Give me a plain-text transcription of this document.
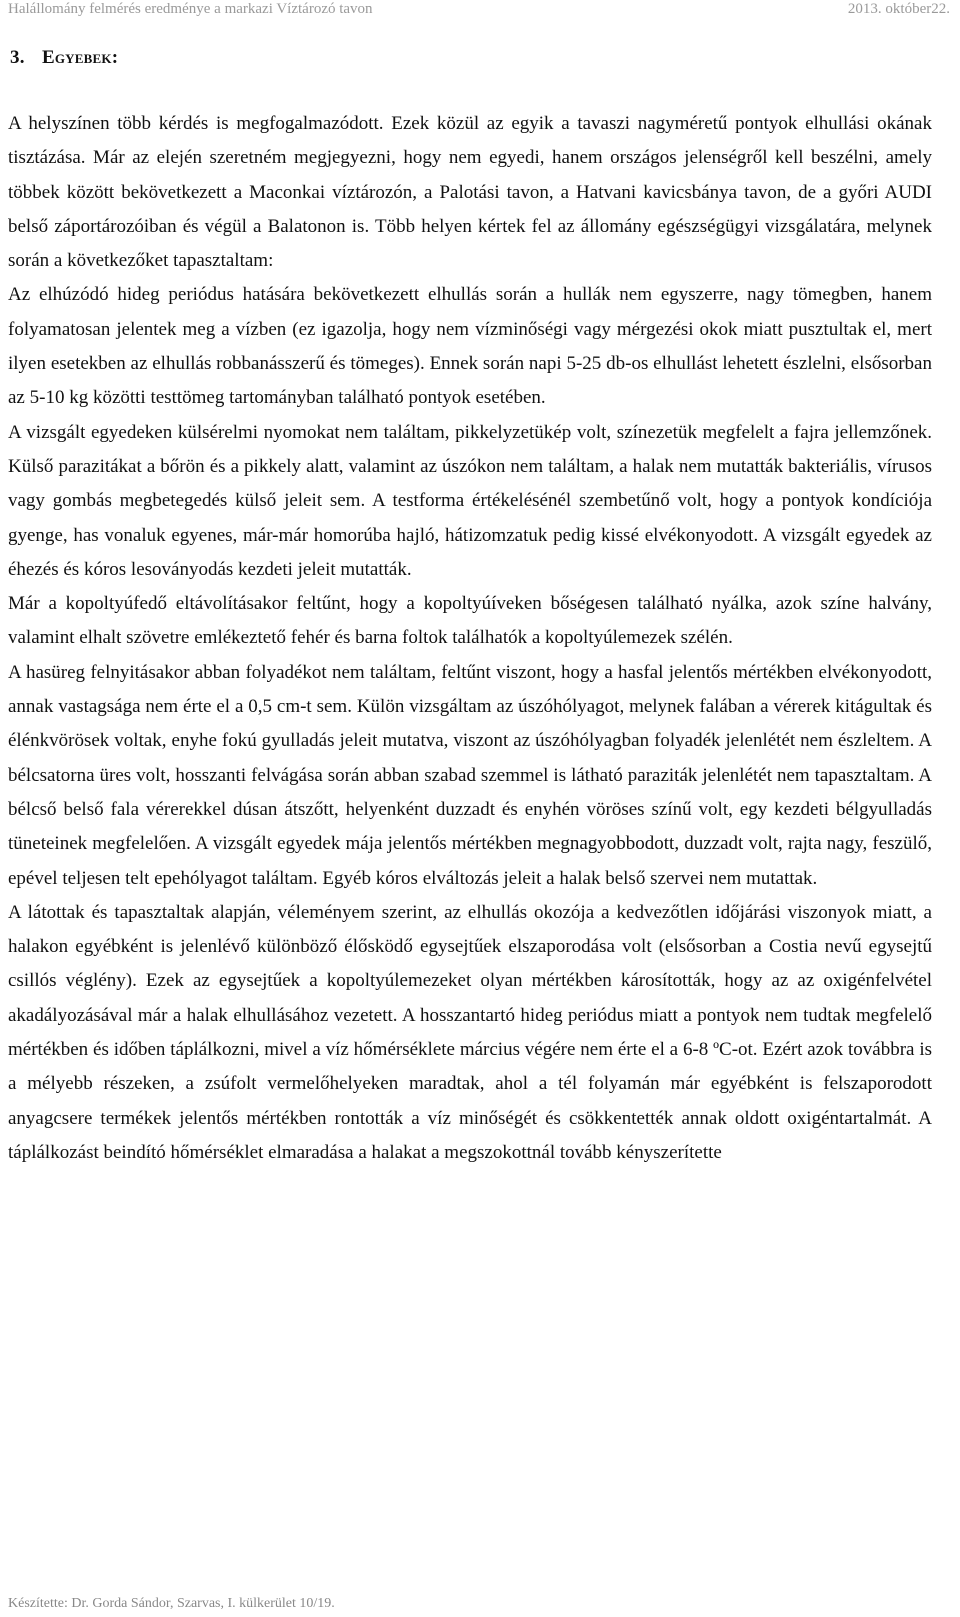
Halállomány felmérés eredménye a markazi Víztározó tavon	2013. október22.
3. Egyebek:

A helyszínen több kérdés is megfogalmazódott. Ezek közül az egyik a tavaszi nagyméretű pontyok elhullási okának tisztázása. Már az elején szeretném megjegyezni, hogy nem egyedi, hanem országos jelenségről kell beszélni, amely többek között bekövetkezett a Maconkai víztározón, a Palotási tavon, a Hatvani kavicsbánya tavon, de a győri AUDI belső záportározóiban és végül a Balatonon is. Több helyen kértek fel az állomány egészségügyi vizsgálatára, melynek során a következőket tapasztaltam:

Az elhúzódó hideg periódus hatására bekövetkezett elhullás során a hullák nem egyszerre, nagy tömegben, hanem folyamatosan jelentek meg a vízben (ez igazolja, hogy nem vízminőségi vagy mérgezési okok miatt pusztultak el, mert ilyen esetekben az elhullás robbanásszerű és tömeges). Ennek során napi 5-25 db-os elhullást lehetett észlelni, elsősorban az 5-10 kg közötti testtömeg tartományban található pontyok esetében.

A vizsgált egyedeken külsérelmi nyomokat nem találtam, pikkelyzetükép volt, színezetük megfelelt a fajra jellemzőnek. Külső parazitákat a bőrön és a pikkely alatt, valamint az úszókon nem találtam, a halak nem mutatták bakteriális, vírusos vagy gombás megbetegedés külső jeleit sem. A testforma értékelésénél szembetűnő volt, hogy a pontyok kondíciója gyenge, has vonaluk egyenes, már-már homorúba hajló, hátizomzatuk pedig kissé elvékonyodott. A vizsgált egyedek az éhezés és kóros lesoványodás kezdeti jeleit mutatták.

Már a kopoltyúfedő eltávolításakor feltűnt, hogy a kopoltyúíveken bőségesen található nyálka, azok színe halvány, valamint elhalt szövetre emlékeztető fehér és barna foltok találhatók a kopoltyúlemezek szélén.

A hasüreg felnyitásakor abban folyadékot nem találtam, feltűnt viszont, hogy a hasfal jelentős mértékben elvékonyodott, annak vastagsága nem érte el a 0,5 cm-t sem. Külön vizsgáltam az úszóhólyagot, melynek falában a vérerek kitágultak és élénkvörösek voltak, enyhe fokú gyulladás jeleit mutatva, viszont az úszóhólyagban folyadék jelenlétét nem észleltem. A bélcsatorna üres volt, hosszanti felvágása során abban szabad szemmel is látható paraziták jelenlétét nem tapasztaltam. A bélcső belső fala vérerekkel dúsan átszőtt, helyenként duzzadt és enyhén vöröses színű volt, egy kezdeti bélgyulladás tüneteinek megfelelően. A vizsgált egyedek mája jelentős mértékben megnagyobbodott, duzzadt volt, rajta nagy, feszülő, epével teljesen telt epehólyagot találtam. Egyéb kóros elváltozás jeleit a halak belső szervei nem mutattak.

A látottak és tapasztaltak alapján, véleményem szerint, az elhullás okozója a kedvezőtlen időjárási viszonyok miatt, a halakon egyébként is jelenlévő különböző élősködő egysejtűek elszaporodása volt (elsősorban a Costia nevű egysejtű csillós véglény). Ezek az egysejtűek a kopoltyúlemezeket olyan mértékben károsították, hogy az az oxigénfelvétel akadályozásával már a halak elhullásához vezetett. A hosszantartó hideg periódus miatt a pontyok nem tudtak megfelelő mértékben és időben táplálkozni, mivel a víz hőmérséklete március végére nem érte el a 6-8 ºC-ot. Ezért azok továbbra is a mélyebb részeken, a zsúfolt vermelőhelyeken maradtak, ahol a tél folyamán már egyébként is felszaporodott anyagcsere termékek jelentős mértékben rontották a víz minőségét és csökkentették annak oldott oxigéntartalmát. A táplálkozást beindító hőmérséklet elmaradása a halakat a megszokottnál tovább kényszerítette

Készítette: Dr. Gorda Sándor, Szarvas, I. külkerület 10/19.
